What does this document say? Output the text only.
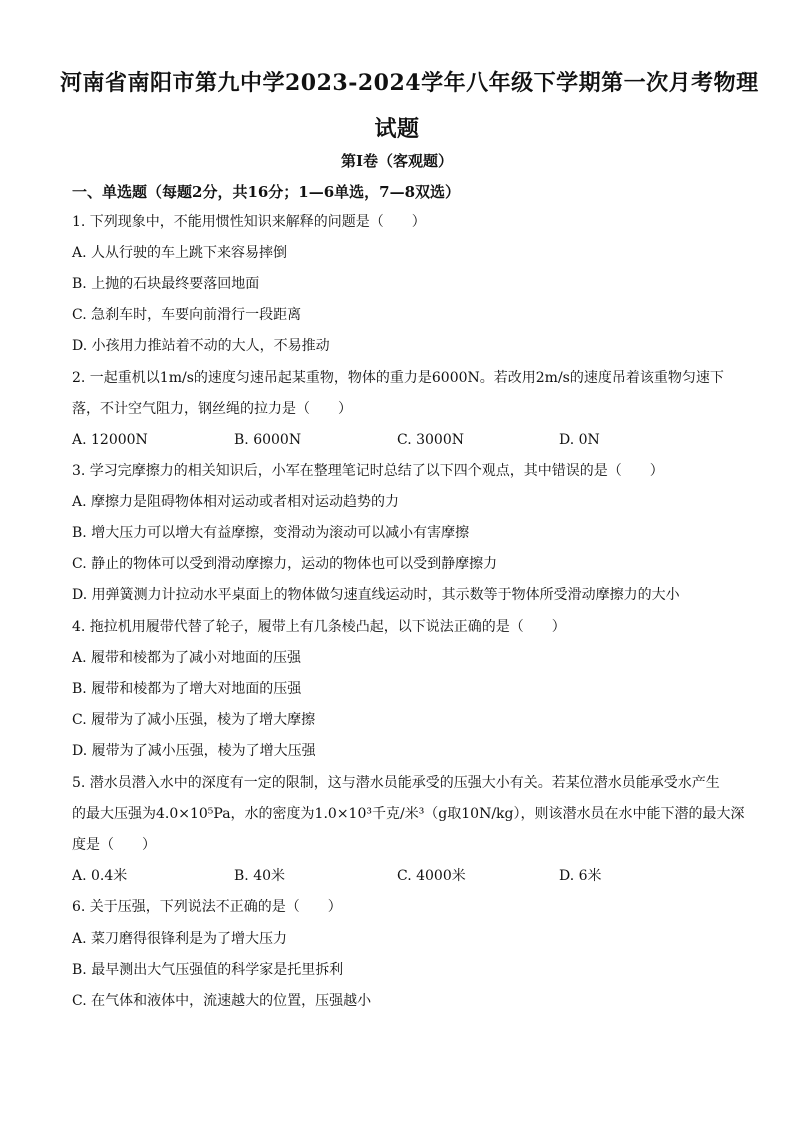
河南省南阳市第九中学2023-2024学年八年级下学期第一次月考物理
试题
第Ⅰ卷（客观题）
一、单选题（每题2分，共16分；1—6单选，7—8双选）
1. 下列现象中，不能用惯性知识来解释的问题是（　　）
A. 人从行驶的车上跳下来容易摔倒
B. 上抛的石块最终要落回地面
C. 急刹车时，车要向前滑行一段距离
D. 小孩用力推站着不动的大人，不易推动
2. 一起重机以1m/s的速度匀速吊起某重物，物体的重力是6000N。若改用2m/s的速度吊着该重物匀速下
落，不计空气阻力，钢丝绳的拉力是（　　）
A. 12000N	B. 6000N	C. 3000N	D. 0N
3. 学习完摩擦力的相关知识后，小军在整理笔记时总结了以下四个观点，其中错误的是（　　）
A. 摩擦力是阻碍物体相对运动或者相对运动趋势的力
B. 增大压力可以增大有益摩擦，变滑动为滚动可以减小有害摩擦
C. 静止的物体可以受到滑动摩擦力，运动的物体也可以受到静摩擦力
D. 用弹簧测力计拉动水平桌面上的物体做匀速直线运动时，其示数等于物体所受滑动摩擦力的大小
4. 拖拉机用履带代替了轮子，履带上有几条棱凸起，以下说法正确的是（　　）
A. 履带和棱都为了减小对地面的压强
B. 履带和棱都为了增大对地面的压强
C. 履带为了减小压强，棱为了增大摩擦
D. 履带为了减小压强，棱为了增大压强
5. 潜水员潜入水中的深度有一定的限制，这与潜水员能承受的压强大小有关。若某位潜水员能承受水产生
的最大压强为4.0×10⁵Pa，水的密度为1.0×10³千克/米³（g取10N/kg），则该潜水员在水中能下潜的最大深
度是（　　）
A. 0.4米	B. 40米	C. 4000米	D. 6米
6. 关于压强，下列说法不正确的是（　　）
A. 菜刀磨得很锋利是为了增大压力
B. 最早测出大气压强值的科学家是托里拆利
C. 在气体和液体中，流速越大的位置，压强越小
